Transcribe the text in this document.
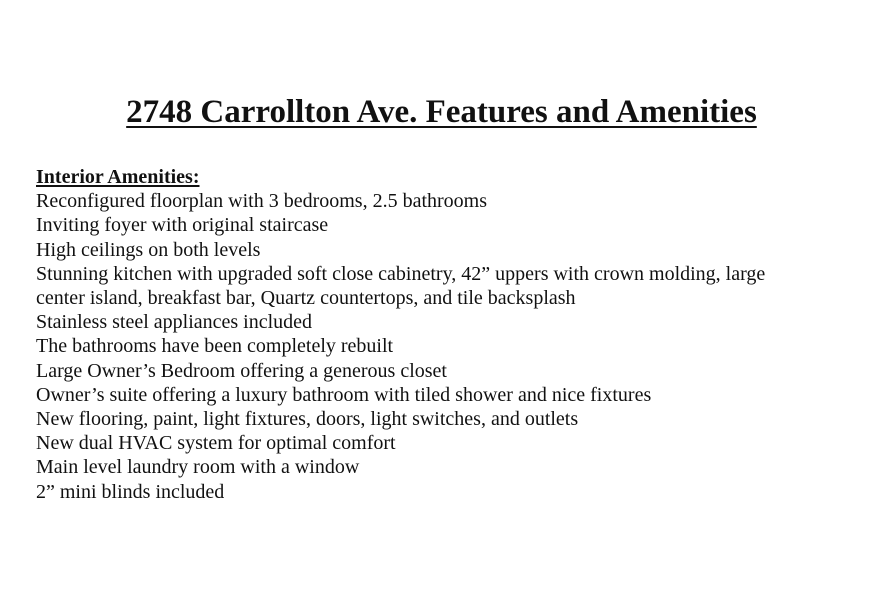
2748 Carrollton Ave. Features and Amenities
Interior Amenities:
Reconfigured floorplan with 3 bedrooms, 2.5 bathrooms
Inviting foyer with original staircase
High ceilings on both levels
Stunning kitchen with upgraded soft close cabinetry, 42” uppers with crown molding, large
center island, breakfast bar, Quartz countertops, and tile backsplash
Stainless steel appliances included
The bathrooms have been completely rebuilt
Large Owner’s Bedroom offering a generous closet
Owner’s suite offering a luxury bathroom with tiled shower and nice fixtures
New flooring, paint, light fixtures, doors, light switches, and outlets
New dual HVAC system for optimal comfort
Main level laundry room with a window
2” mini blinds included
